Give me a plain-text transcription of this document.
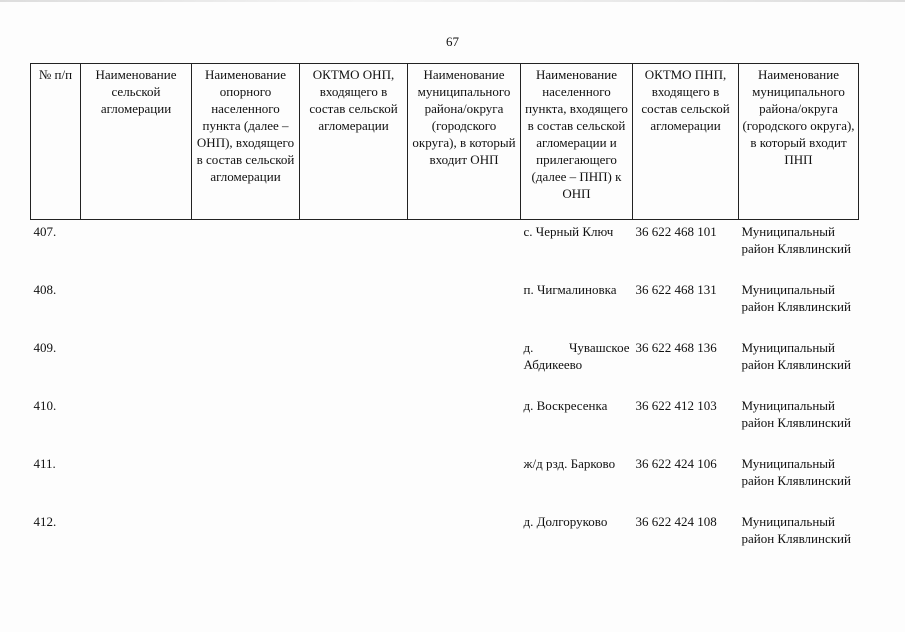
67
№ п/п	Наименование сельской агломерации	Наименование опорного населенного пункта (далее – ОНП), входящего в состав сельской агломерации	ОКТМО ОНП, входящего в состав сельской агломерации	Наименование муниципального района/округа (городского округа), в который входит ОНП	Наименование населенного пункта, входящего в состав сельской агломерации и прилегающего (далее – ПНП) к ОНП	ОКТМО ПНП, входящего в состав сельской агломерации	Наименование муниципального района/округа (городского округа), в который входит ПНП
407.					с. Черный Ключ	36 622 468 101	Муниципальный район Клявлинский
408.					п. Чигмалиновка	36 622 468 131	Муниципальный район Клявлинский
409.					д. Чувашское Абдикеево	36 622 468 136	Муниципальный район Клявлинский
410.					д. Воскресенка	36 622 412 103	Муниципальный район Клявлинский
411.					ж/д рзд. Барково	36 622 424 106	Муниципальный район Клявлинский
412.					д. Долгоруково	36 622 424 108	Муниципальный район Клявлинский
